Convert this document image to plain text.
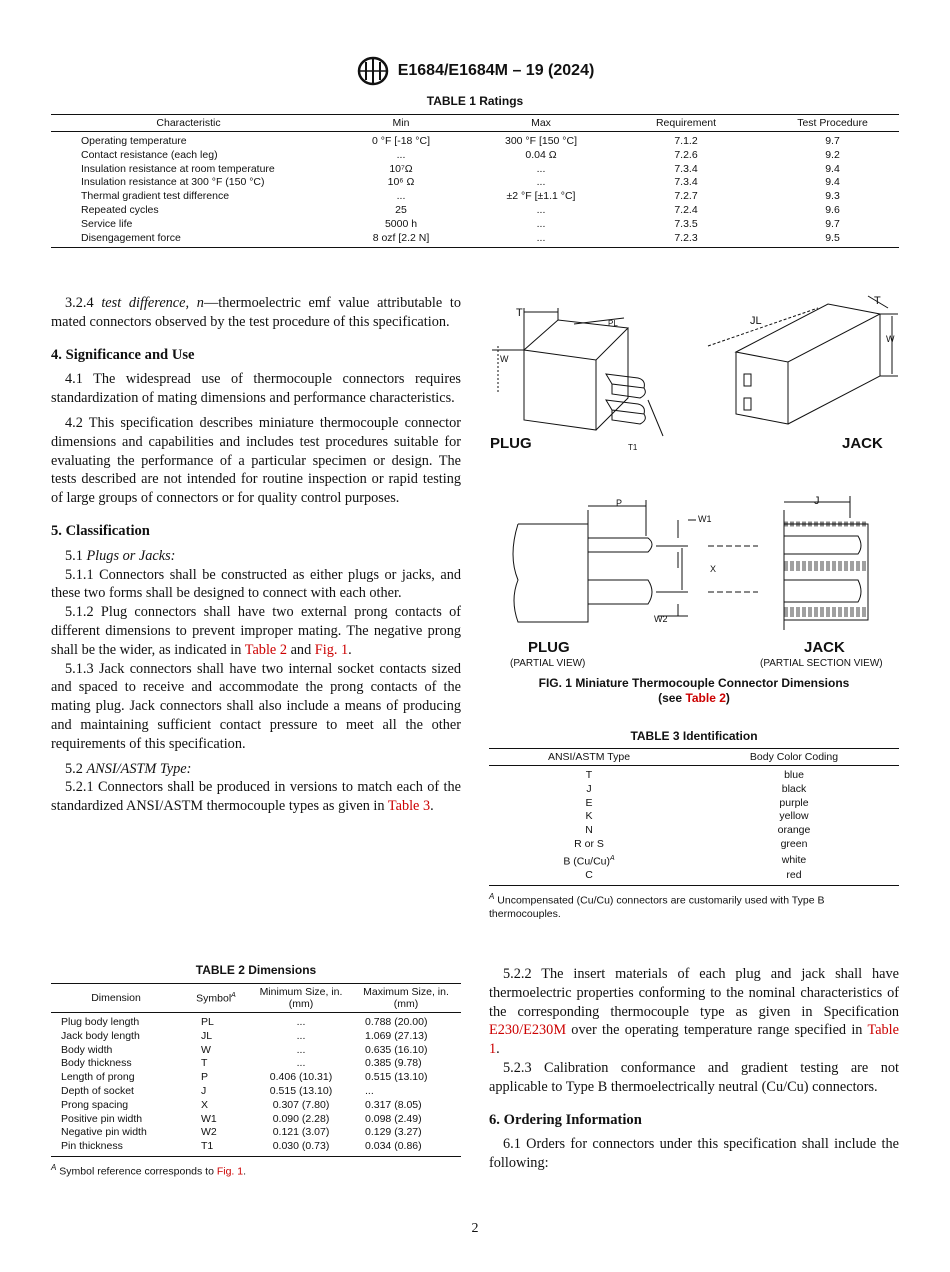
E1684/E1684M – 19 (2024)
TABLE 1 Ratings
Characteristic	Min	Max	Requirement	Test Procedure
Operating temperature	0 °F [-18 °C]	300 °F [150 °C]	7.1.2	9.7
Contact resistance (each leg)	...	0.04 Ω	7.2.6	9.2
Insulation resistance at room temperature	10⁷Ω	...	7.3.4	9.4
Insulation resistance at 300 °F (150 °C)	10⁶ Ω	...	7.3.4	9.4
Thermal gradient test difference	...	±2 °F [±1.1 °C]	7.2.7	9.3
Repeated cycles	25	...	7.2.4	9.6
Service life	5000 h	...	7.3.5	9.7
Disengagement force	8 ozf [2.2 N]	...	7.2.3	9.5

3.2.4 test difference, n—thermoelectric emf value attributable to mated connectors observed by the test procedure of this specification.

4. Significance and Use

4.1 The widespread use of thermocouple connectors requires standardization of mating dimensions and performance characteristics.

4.2 This specification describes miniature thermocouple connector dimensions and capabilities and includes test procedures suitable for evaluating the performance of a particular specimen or design. The tests described are not intended for routine inspection or rapid testing of large groups of connectors or for quality control purposes.

5. Classification

5.1 Plugs or Jacks:

5.1.1 Connectors shall be constructed as either plugs or jacks, and these two forms shall be designed to connect with each other.

5.1.2 Plug connectors shall have two external prong contacts of different dimensions to prevent improper mating. The negative prong shall be the wider, as indicated in Table 2 and Fig. 1.

5.1.3 Jack connectors shall have two internal socket contacts sized and spaced to receive and accommodate the prong contacts of the mating plug. Jack connectors shall also include a means of producing and maintaining sufficient contact pressure to meet all the other requirements of this specification.

5.2 ANSI/ASTM Type:

5.2.1 Connectors shall be produced in versions to match each of the standardized ANSI/ASTM thermocouple types as given in Table 3.

T
PL
W
T1
PLUG
JL
T
W
JACK
P
W1
X
W2
PLUG
(PARTIAL VIEW)
J
JACK
(PARTIAL SECTION VIEW)
FIG. 1 Miniature Thermocouple Connector Dimensions
(see Table 2)
TABLE 3 Identification
ANSI/ASTM Type	Body Color Coding
T	blue
J	black
E	purple
K	yellow
N	orange
R or S	green
B $(Cu/Cu)^A$	white
C	red
$^A$ Uncompensated (Cu/Cu) connectors are customarily used with Type B thermocouples.
TABLE 2 Dimensions
Dimension	Symbol$^A$	Minimum Size, in. (mm)	Maximum Size, in. (mm)
Plug body length	PL	...	0.788 (20.00)
Jack body length	JL	...	1.069 (27.13)
Body width	W	...	0.635 (16.10)
Body thickness	T	...	0.385 (9.78)
Length of prong	P	0.406 (10.31)	0.515 (13.10)
Depth of socket	J	0.515 (13.10)	...
Prong spacing	X	0.307 (7.80)	0.317 (8.05)
Positive pin width	W1	0.090 (2.28)	0.098 (2.49)
Negative pin width	W2	0.121 (3.07)	0.129 (3.27)
Pin thickness	T1	0.030 (0.73)	0.034 (0.86)
$^A$ Symbol reference corresponds to Fig. 1.

5.2.2 The insert materials of each plug and jack shall have thermoelectric properties conforming to the nominal characteristics of the corresponding thermocouple type as given in Specification E230/E230M over the operating temperature range specified in Table 1.

5.2.3 Calibration conformance and gradient testing are not applicable to Type B thermoelectrically neutral (Cu/Cu) connectors.

6. Ordering Information

6.1 Orders for connectors under this specification shall include the following:

2
